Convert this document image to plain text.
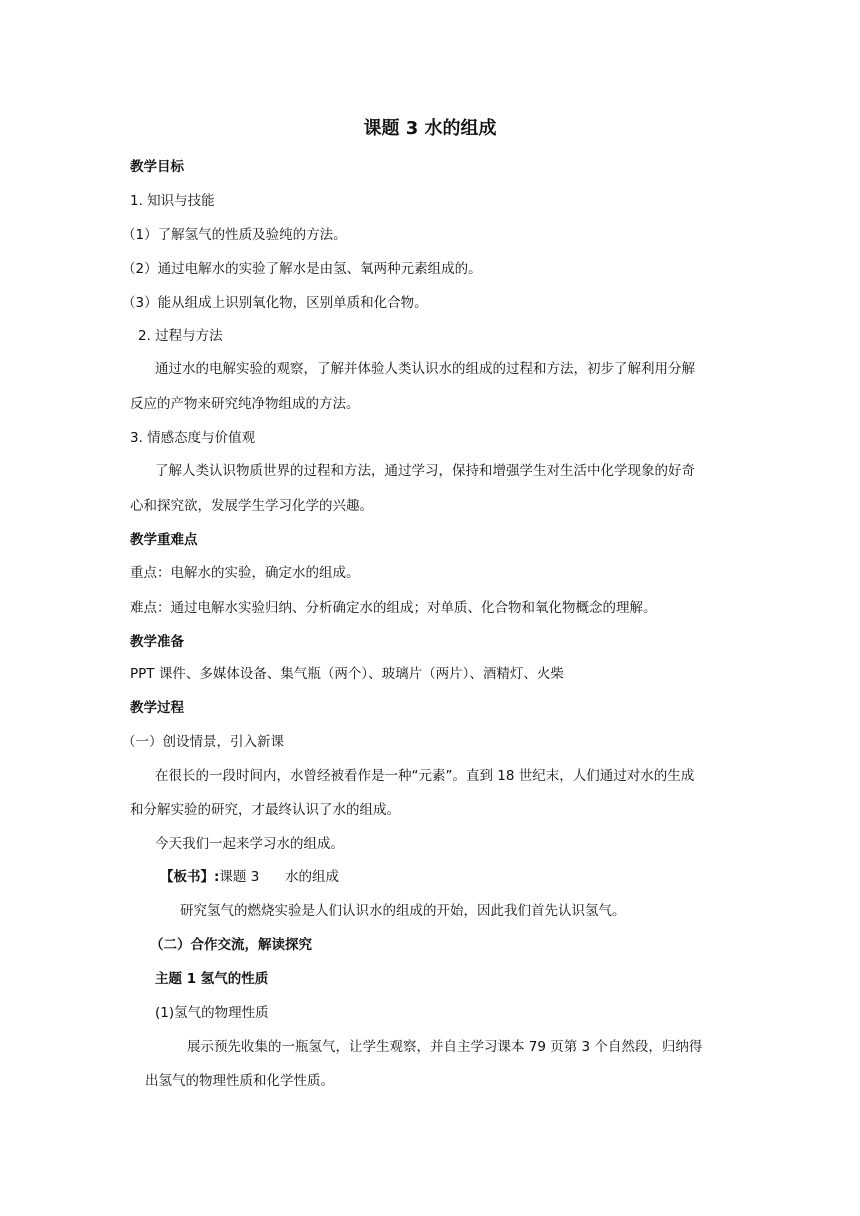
课题 3 水的组成
教学目标
1. 知识与技能
（1）了解氢气的性质及验纯的方法。
（2）通过电解水的实验了解水是由氢、氧两种元素组成的。
（3）能从组成上识别氧化物，区别单质和化合物。
2. 过程与方法
通过水的电解实验的观察，了解并体验人类认识水的组成的过程和方法，初步了解利用分解
反应的产物来研究纯净物组成的方法。
3. 情感态度与价值观
了解人类认识物质世界的过程和方法，通过学习，保持和增强学生对生活中化学现象的好奇
心和探究欲，发展学生学习化学的兴趣。
教学重难点
重点：电解水的实验，确定水的组成。
难点：通过电解水实验归纳、分析确定水的组成；对单质、化合物和氧化物概念的理解。
教学准备
PPT 课件、多媒体设备、集气瓶（两个）、玻璃片（两片）、酒精灯、火柴
教学过程
（一）创设情景，引入新课
在很长的一段时间内，水曾经被看作是一种“元素”。直到 18 世纪末，人们通过对水的生成
和分解实验的研究，才最终认识了水的组成。
今天我们一起来学习水的组成。
【板书】:课题 3      水的组成
研究氢气的燃烧实验是人们认识水的组成的开始，因此我们首先认识氢气。
（二）合作交流，解读探究
主题 1 氢气的性质
(1)氢气的物理性质
展示预先收集的一瓶氢气，让学生观察，并自主学习课本 79 页第 3 个自然段，归纳得
出氢气的物理性质和化学性质。
